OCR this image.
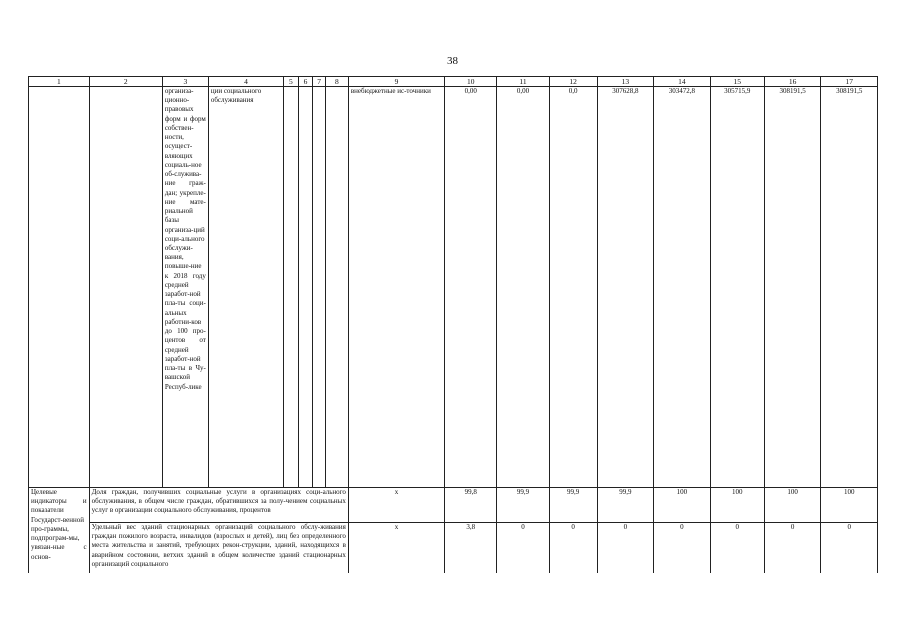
38
1	2	3	4	5	6	7	8	9	10	11	12	13	14	15	16	17
		организа-ционно-правовых форм и форм собствен-ности, осущест-вляющих социаль-ное об-служива-ние граж-дан; укрепле-ние мате-риальной базы организа-ций соци-ального обслужи-вания, повыше-ние к 2018 году средней заработ-ной пла-ты соци-альных работни-ков до 100 про-центов от средней заработ-ной пла-ты в Чу-вашской Респуб-лике	ции социального обслуживания					внебюджетные ис-точники	0,00	0,00	0,0	307628,8	303472,8	305715,9	308191,5	308191,5
Целевые индикаторы и показатели Государст-венной про-граммы, подпрограм-мы, увязан-ные с основ-	Доля граждан, получивших социальные услуги в организациях соци-ального обслуживания, в общем числе граждан, обратившихся за полу-чением социальных услуг в организации социального обслуживания, процентов							x	99,8	99,9	99,9	99,9	100	100	100	100
	Удельный вес зданий стационарных организаций социального обслу-живания граждан пожилого возраста, инвалидов (взрослых и детей), лиц без определенного места жительства и занятий, требующих рекон-струкции, зданий, находящихся в аварийном состоянии, ветхих зданий в общем количестве зданий стационарных организаций социального							x	3,8	0	0	0	0	0	0	0
